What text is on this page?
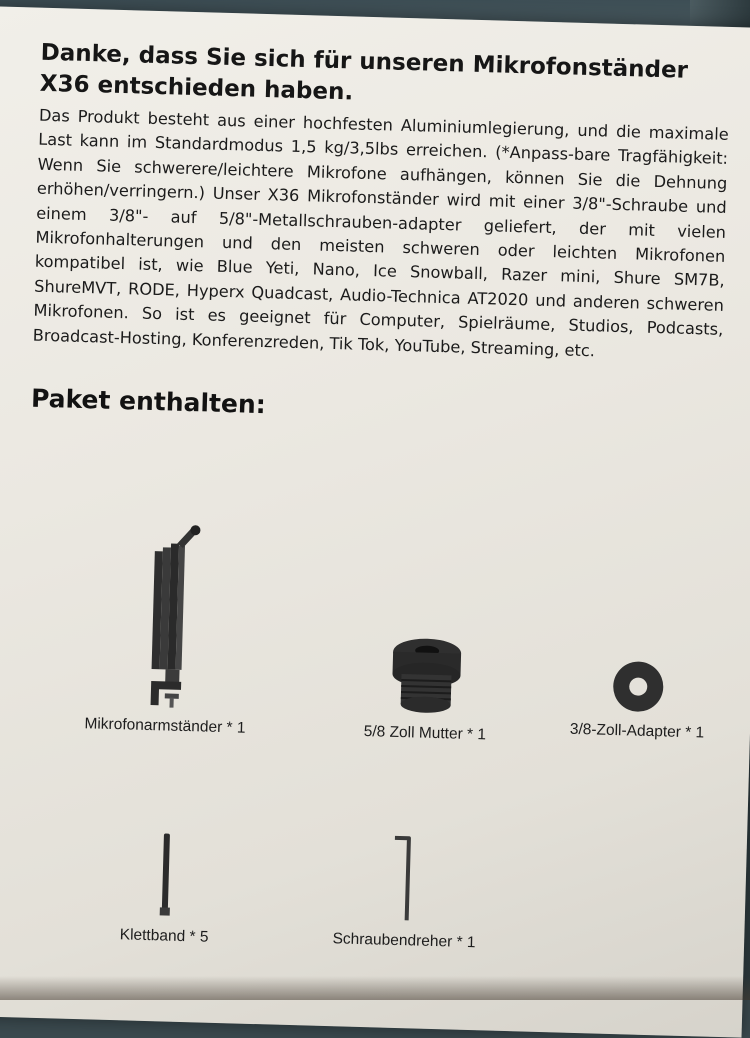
Danke, dass Sie sich für unseren Mikrofonständer X36 entschieden haben.

Das Produkt besteht aus einer hochfesten Aluminiumlegierung, und die maximale Last kann im Standardmodus 1,5 kg/3,5lbs erreichen. (*Anpass-bare Tragfähigkeit: Wenn Sie schwerere/leichtere Mikrofone aufhängen, können Sie die Dehnung erhöhen/verringern.) Unser X36 Mikrofonständer wird mit einer 3/8"-Schraube und einem 3/8"- auf 5/8"-Metallschrauben-adapter geliefert, der mit vielen Mikrofonhalterungen und den meisten schweren oder leichten Mikrofonen kompatibel ist, wie Blue Yeti, Nano, Ice Snowball, Razer mini, Shure SM7B, ShureMVT, RODE, Hyperx Quadcast, Audio-Technica AT2020 und anderen schweren Mikrofonen. So ist es geeignet für Computer, Spielräume, Studios, Podcasts, Broadcast-Hosting, Konferenzreden, Tik Tok, YouTube, Streaming, etc.

Paket enthalten:
Mikrofonarmständer * 1	5/8 Zoll Mutter * 1	3/8-Zoll-Adapter * 1
Klettband * 5	Schraubendreher * 1
